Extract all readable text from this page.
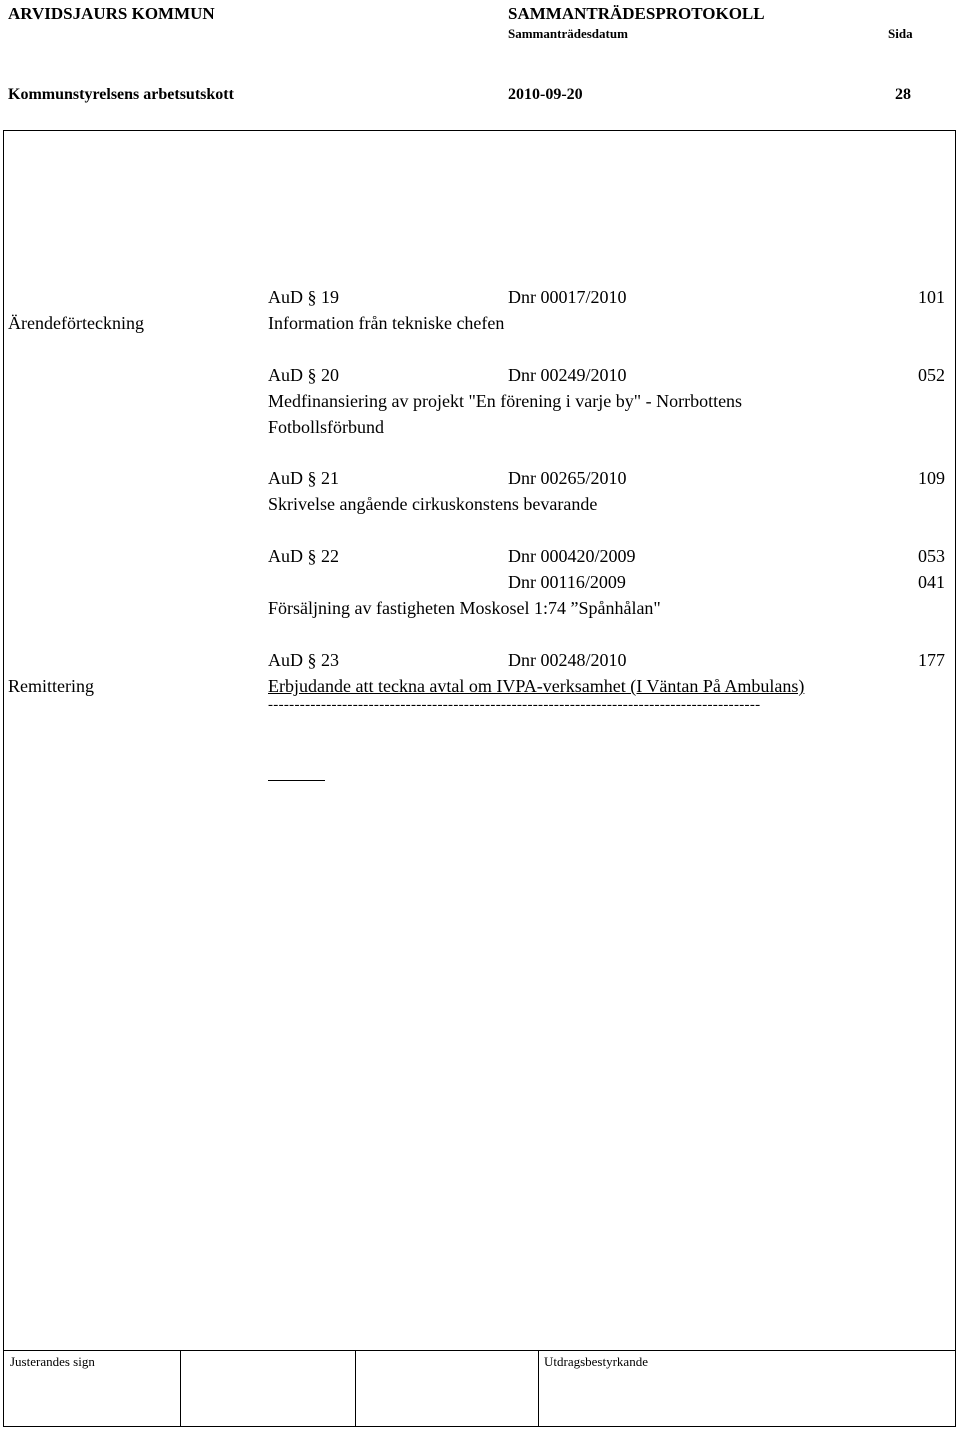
ARVIDSJAURS KOMMUN	SAMMANTRÄDESPROTOKOLL
Sammanträdesdatum	Sida
Kommunstyrelsens arbetsutskott	2010-09-20	28
Ärendeförteckning
Remittering
AuD § 19	Dnr 00017/2010	101
Information från tekniske chefen
AuD § 20	Dnr 00249/2010	052
Medfinansiering av projekt "En förening i varje by" - Norrbottens
Fotbollsförbund
AuD § 21	Dnr 00265/2010	109
Skrivelse angående cirkuskonstens bevarande
AuD § 22	Dnr 000420/2009	053
Dnr 00116/2009	041
Försäljning av fastigheten Moskosel 1:74 ”Spånhålan"
AuD § 23	Dnr 00248/2010	177
Erbjudande att teckna avtal om IVPA-verksamhet (I Väntan På Ambulans)
---------------------------------------------------------------------------------------------
Justerandes sign	Utdragsbestyrkande
